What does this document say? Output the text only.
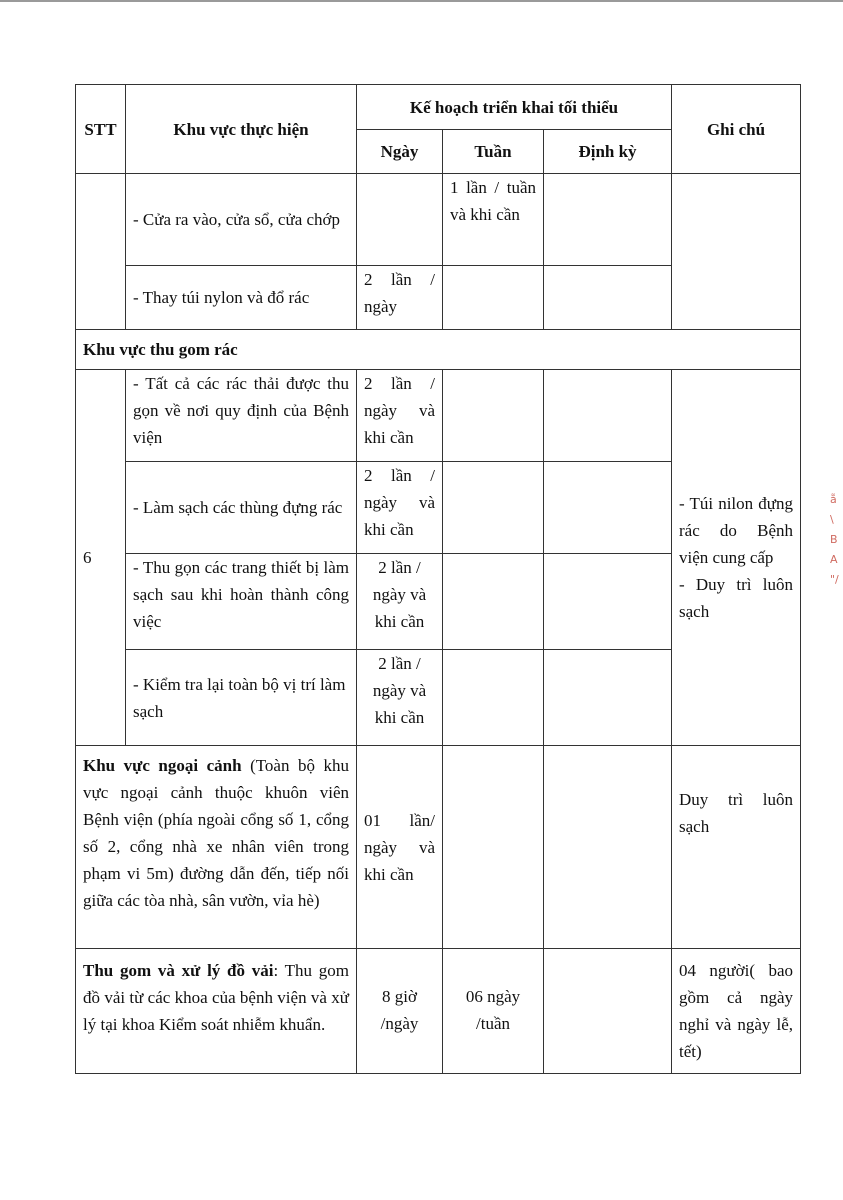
STT	Khu vực thực hiện	Kế hoạch triển khai tối thiểu			Ghi chú
		Ngày	Tuần	Định kỳ	
	- Cửa ra vào, cửa sổ, cửa chớp		1 lần / tuần và khi cần		
	- Thay túi nylon và đổ rác	2 lần / ngày			
Khu vực thu gom rác					
6	- Tất cả các rác thải được thu gọn về nơi quy định của Bệnh viện	2 lần / ngày và khi cần			- Túi nilon đựng rác do Bệnh viện cung cấp
- Duy trì luôn sạch

	- Làm sạch các thùng đựng rác	2 lần / ngày và khi cần			
	- Thu gọn các trang thiết bị làm sạch sau khi hoàn thành công việc	2 lần / ngày và khi cần			
	- Kiểm tra lại toàn bộ vị trí làm sạch	2 lần / ngày và khi cần			
Khu vực ngoại cảnh (Toàn bộ khu vực ngoại cảnh thuộc khuôn viên Bệnh viện (phía ngoài cổng số 1, cổng số 2, cổng nhà xe nhân viên trong phạm vi 5m) đường dẫn đến, tiếp nối giữa các tòa nhà, sân vườn, vỉa hè)		01 lần/ ngày và khi cần			Duy trì luôn sạch
Thu gom và xử lý đồ vải: Thu gom đồ vải từ các khoa của bệnh viện và xử lý tại khoa Kiểm soát nhiễm khuẩn.		8 giờ /ngày	06 ngày /tuần		04 người( bao gồm cả ngày nghỉ và ngày lễ, tết)
ẵ
\
B
A
"/
